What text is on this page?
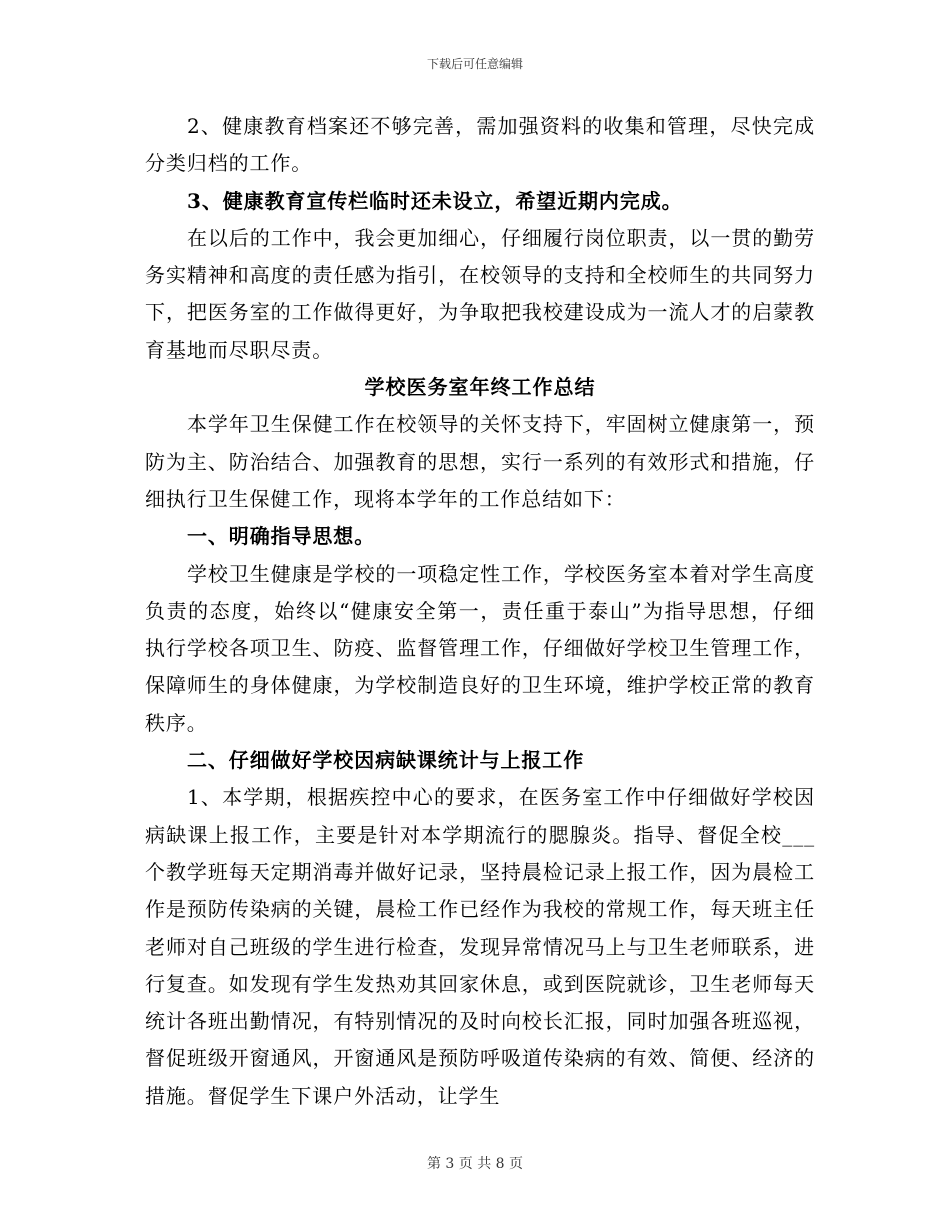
下载后可任意编辑

2、健康教育档案还不够完善，需加强资料的收集和管理，尽快完成分类归档的工作。

3、健康教育宣传栏临时还未设立，希望近期内完成。

在以后的工作中，我会更加细心，仔细履行岗位职责，以一贯的勤劳务实精神和高度的责任感为指引，在校领导的支持和全校师生的共同努力下，把医务室的工作做得更好，为争取把我校建设成为一流人才的启蒙教育基地而尽职尽责。

学校医务室年终工作总结

本学年卫生保健工作在校领导的关怀支持下，牢固树立健康第一，预防为主、防治结合、加强教育的思想，实行一系列的有效形式和措施，仔细执行卫生保健工作，现将本学年的工作总结如下：

一、明确指导思想。

学校卫生健康是学校的一项稳定性工作，学校医务室本着对学生高度负责的态度，始终以“健康安全第一，责任重于泰山”为指导思想，仔细执行学校各项卫生、防疫、监督管理工作，仔细做好学校卫生管理工作，保障师生的身体健康，为学校制造良好的卫生环境，维护学校正常的教育秩序。

二、仔细做好学校因病缺课统计与上报工作

1、本学期，根据疾控中心的要求，在医务室工作中仔细做好学校因病缺课上报工作，主要是针对本学期流行的腮腺炎。指导、督促全校___个教学班每天定期消毒并做好记录，坚持晨检记录上报工作，因为晨检工作是预防传染病的关键，晨检工作已经作为我校的常规工作，每天班主任老师对自己班级的学生进行检查，发现异常情况马上与卫生老师联系，进行复查。如发现有学生发热劝其回家休息，或到医院就诊，卫生老师每天统计各班出勤情况，有特别情况的及时向校长汇报，同时加强各班巡视，督促班级开窗通风，开窗通风是预防呼吸道传染病的有效、简便、经济的措施。督促学生下课户外活动，让学生

第 3 页 共 8 页
